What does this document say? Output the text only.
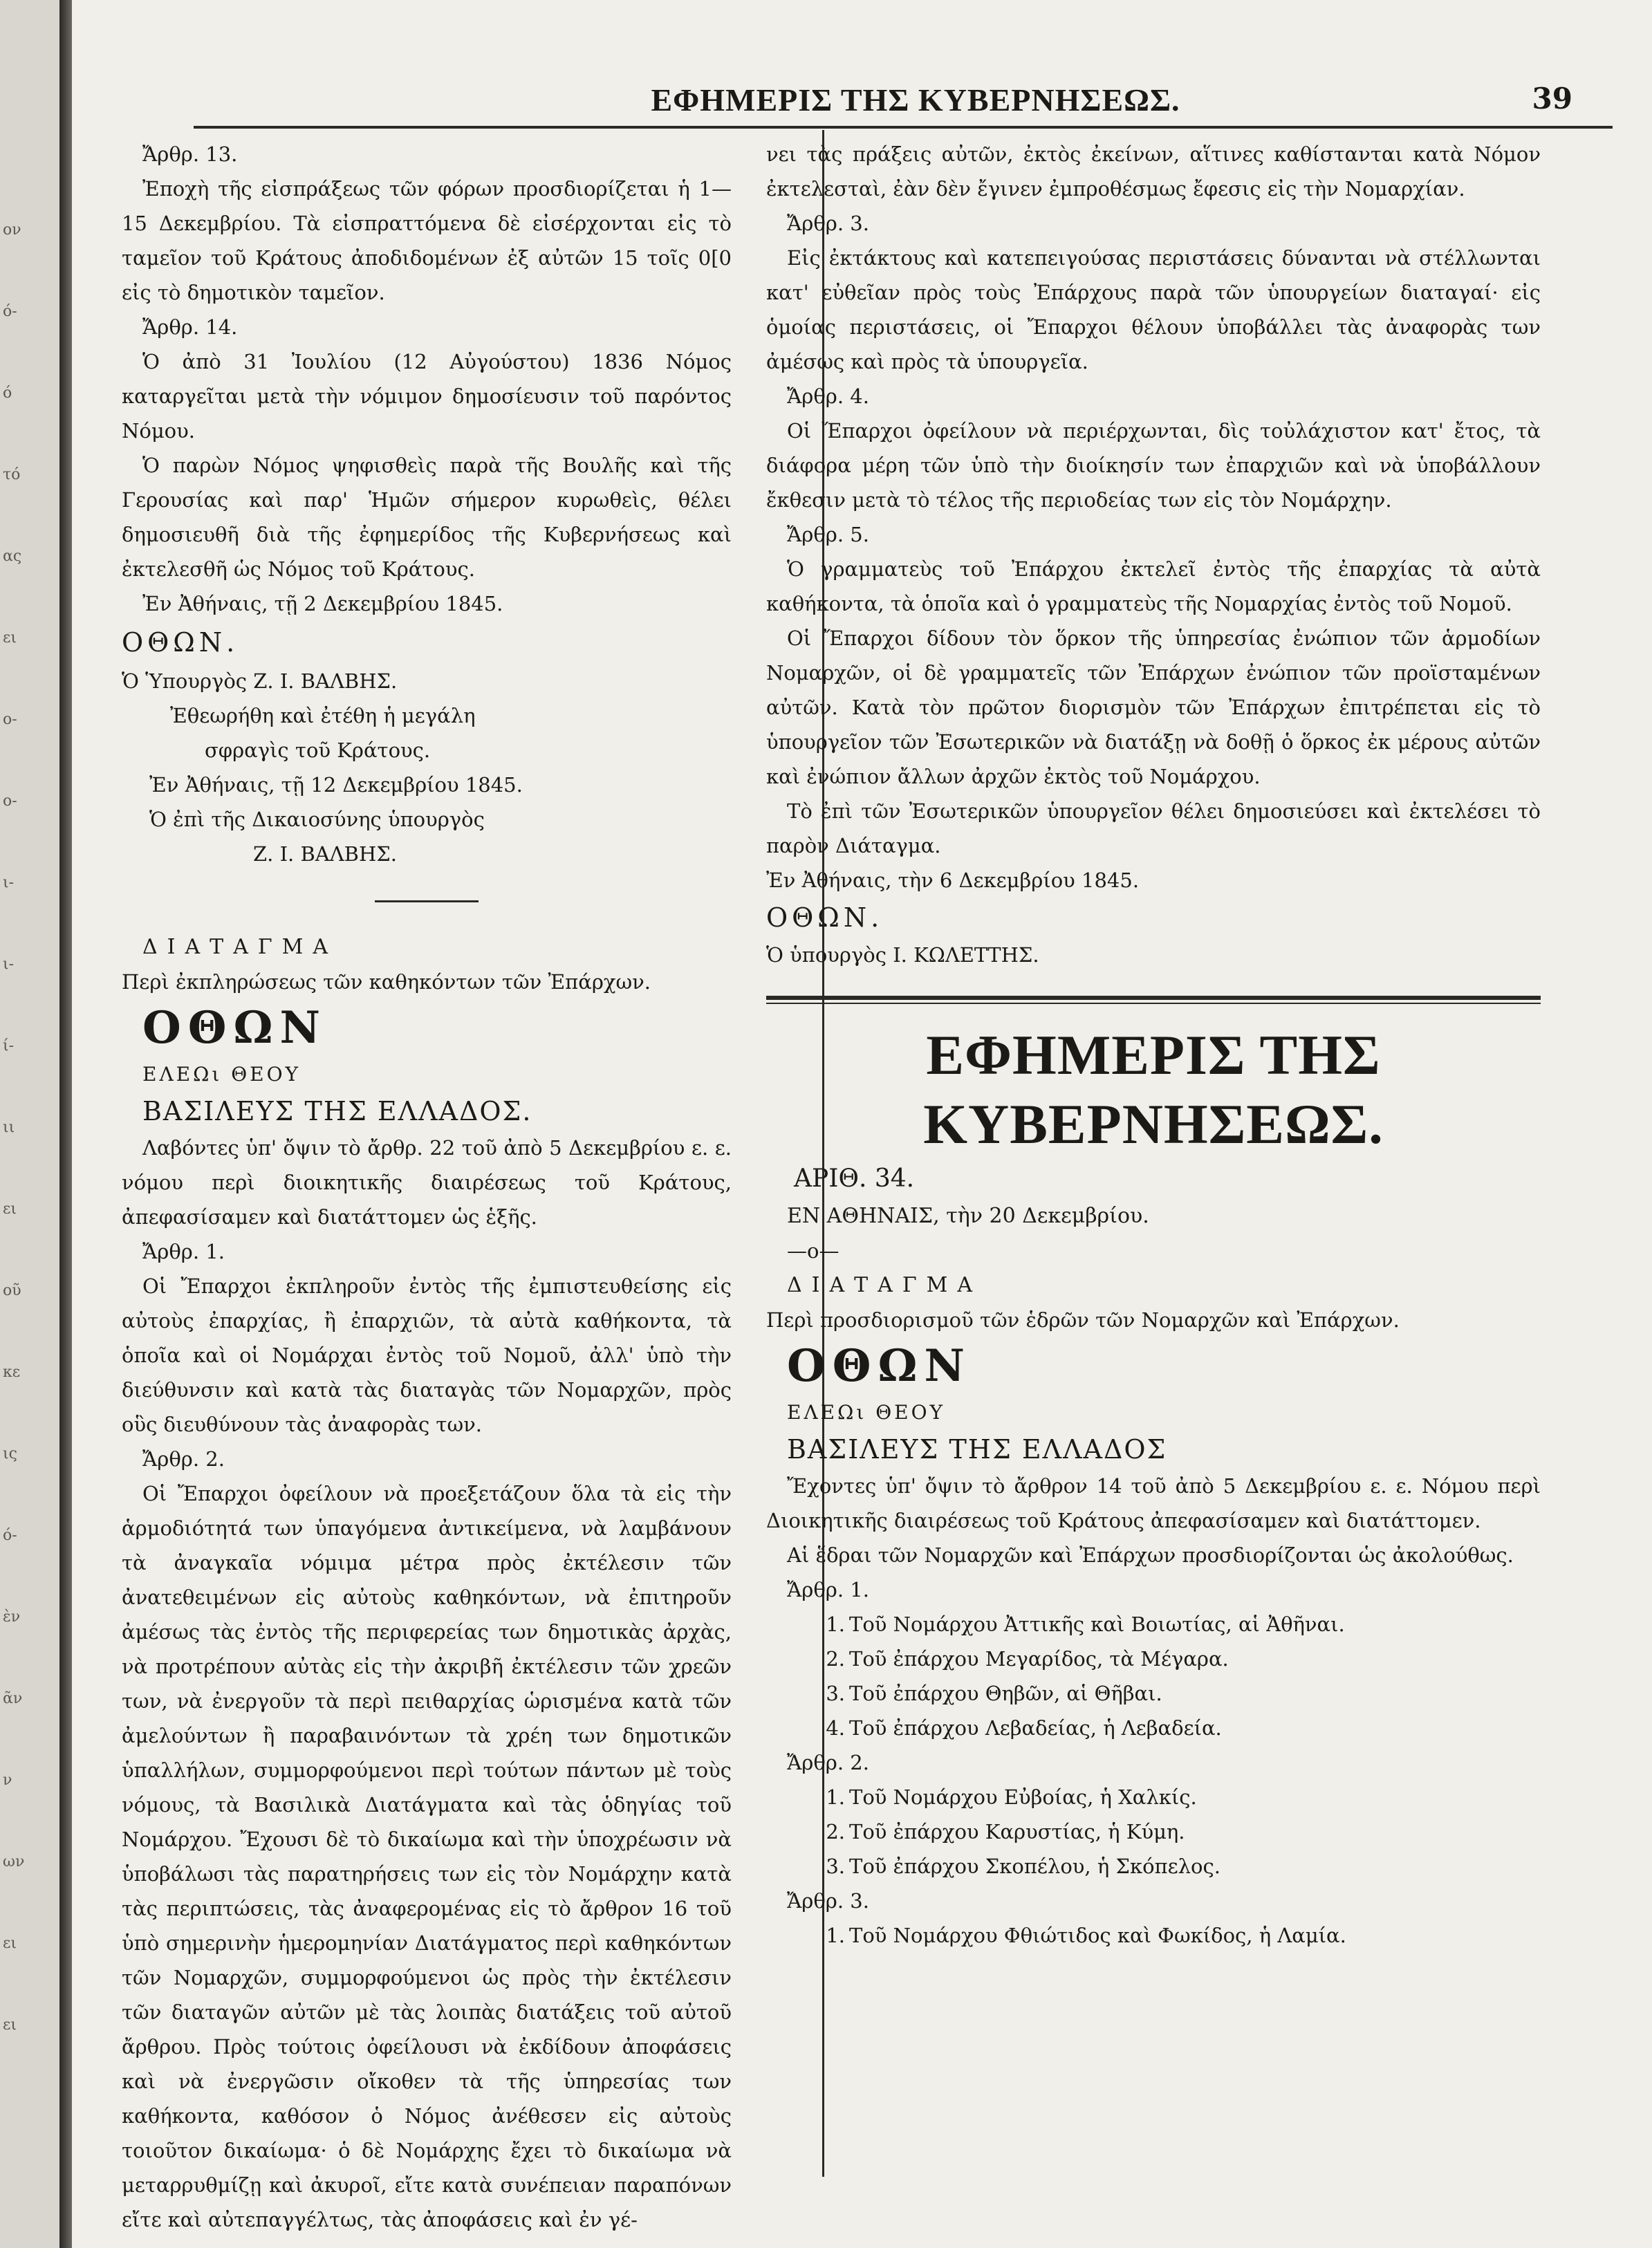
ον
ό-
ό
τό
ας
ει
ο-
ο-
ι-
ι-
ί-
ιι
ει
οῦ
κε
ις
ό-
ὲν
ᾶν
ν
ων
ει
ει
ΕΦΗΜΕΡΙΣ ΤΗΣ ΚΥΒΕΡΝΗΣΕΩΣ.	39

Ἄρθρ. 13.

Ἐποχὴ τῆς εἰσπράξεως τῶν φόρων προσδιορίζεται ἡ 1—15 Δεκεμβρίου. Τὰ εἰσπραττόμενα δὲ εἰσέρχονται εἰς τὸ ταμεῖον τοῦ Κράτους ἀποδιδομένων ἐξ αὐτῶν 15 τοῖς 0[0 εἰς τὸ δημοτικὸν ταμεῖον.

Ἄρθρ. 14.

Ὁ ἀπὸ 31 Ἰουλίου (12 Αὐγούστου) 1836 Νόμος καταργεῖται μετὰ τὴν νόμιμον δημοσίευσιν τοῦ παρόντος Νόμου.

Ὁ παρὼν Νόμος ψηφισθεὶς παρὰ τῆς Βουλῆς καὶ τῆς Γερουσίας καὶ παρ' Ἡμῶν σήμερον κυρωθεὶς, θέλει δημοσιευθῆ διὰ τῆς ἐφημερίδος τῆς Κυβερνήσεως καὶ ἐκτελεσθῆ ὡς Νόμος τοῦ Κράτους.

Ἐν Ἀθήναις, τῇ 2 Δεκεμβρίου 1845.

ΟΘΩΝ.

Ὁ Ὑπουργὸς Ζ. Ι. ΒΑΛΒΗΣ.

Ἐθεωρήθη καὶ ἐτέθη ἡ μεγάλη

σφραγὶς τοῦ Κράτους.

Ἐν Ἀθήναις, τῇ 12 Δεκεμβρίου 1845.

Ὁ ἐπὶ τῆς Δικαιοσύνης ὑπουργὸς

Ζ. Ι. ΒΑΛΒΗΣ.

ΔΙΑΤΑΓΜΑ

Περὶ ἐκπληρώσεως τῶν καθηκόντων τῶν Ἐπάρχων.

ΟΘΩΝ

ΕΛΕΩι ΘΕΟΥ

ΒΑΣΙΛΕΥΣ ΤΗΣ ΕΛΛΑΔΟΣ.

Λαβόντες ὑπ' ὄψιν τὸ ἄρθρ. 22 τοῦ ἀπὸ 5 Δεκεμβρίου ε. ε. νόμου περὶ διοικητικῆς διαιρέσεως τοῦ Κράτους, ἀπεφασίσαμεν καὶ διατάττομεν ὡς ἑξῆς.

Ἄρθρ. 1.

Οἱ Ἔπαρχοι ἐκπληροῦν ἐντὸς τῆς ἐμπιστευθείσης εἰς αὐτοὺς ἐπαρχίας, ἢ ἐπαρχιῶν, τὰ αὐτὰ καθήκοντα, τὰ ὁποῖα καὶ οἱ Νομάρχαι ἐντὸς τοῦ Νομοῦ, ἀλλ' ὑπὸ τὴν διεύθυνσιν καὶ κατὰ τὰς διαταγὰς τῶν Νομαρχῶν, πρὸς οὓς διευθύνουν τὰς ἀναφορὰς των.

Ἄρθρ. 2.

Οἱ Ἔπαρχοι ὀφείλουν νὰ προεξετάζουν ὅλα τὰ εἰς τὴν ἁρμοδιότητά των ὑπαγόμενα ἀντικείμενα, νὰ λαμβάνουν τὰ ἀναγκαῖα νόμιμα μέτρα πρὸς ἐκτέλεσιν τῶν ἀνατεθειμένων εἰς αὐτοὺς καθηκόντων, νὰ ἐπιτηροῦν ἀμέσως τὰς ἐντὸς τῆς περιφερείας των δημοτικὰς ἀρχὰς, νὰ προτρέπουν αὐτὰς εἰς τὴν ἀκριβῆ ἐκτέλεσιν τῶν χρεῶν των, νὰ ἐνεργοῦν τὰ περὶ πειθαρχίας ὡρισμένα κατὰ τῶν ἀμελούντων ἢ παραβαινόντων τὰ χρέη των δημοτικῶν ὑπαλλήλων, συμμορφούμενοι περὶ τούτων πάντων μὲ τοὺς νόμους, τὰ Βασιλικὰ Διατάγματα καὶ τὰς ὁδηγίας τοῦ Νομάρχου. Ἔχουσι δὲ τὸ δικαίωμα καὶ τὴν ὑποχρέωσιν νὰ ὑποβάλωσι τὰς παρατηρήσεις των εἰς τὸν Νομάρχην κατὰ τὰς περιπτώσεις, τὰς ἀναφερομένας εἰς τὸ ἄρθρον 16 τοῦ ὑπὸ σημερινὴν ἡμερομηνίαν Διατάγματος περὶ καθηκόντων τῶν Νομαρχῶν, συμμορφούμενοι ὡς πρὸς τὴν ἐκτέλεσιν τῶν διαταγῶν αὐτῶν μὲ τὰς λοιπὰς διατάξεις τοῦ αὐτοῦ ἄρθρου. Πρὸς τούτοις ὀφείλουσι νὰ ἐκδίδουν ἀποφάσεις καὶ νὰ ἐνεργῶσιν οἴκοθεν τὰ τῆς ὑπηρεσίας των καθήκοντα, καθόσον ὁ Νόμος ἀνέθεσεν εἰς αὐτοὺς τοιοῦτον δικαίωμα· ὁ δὲ Νομάρχης ἔχει τὸ δικαίωμα νὰ μεταρρυθμίζῃ καὶ ἀκυροῖ, εἴτε κατὰ συνέπειαν παραπόνων εἴτε καὶ αὐτεπαγγέλτως, τὰς ἀποφάσεις καὶ ἐν γέ-

νει τὰς πράξεις αὐτῶν, ἐκτὸς ἐκείνων, αἵτινες καθίστανται κατὰ Νόμον ἐκτελεσταὶ, ἐὰν δὲν ἔγινεν ἐμπροθέσμως ἔφεσις εἰς τὴν Νομαρχίαν.

Ἄρθρ. 3.

Εἰς ἐκτάκτους καὶ κατεπειγούσας περιστάσεις δύνανται νὰ στέλλωνται κατ' εὐθεῖαν πρὸς τοὺς Ἐπάρχους παρὰ τῶν ὑπουργείων διαταγαί· εἰς ὁμοίας περιστάσεις, οἱ Ἔπαρχοι θέλουν ὑποβάλλει τὰς ἀναφορὰς των ἀμέσως καὶ πρὸς τὰ ὑπουργεῖα.

Ἄρθρ. 4.

Οἱ Ἔπαρχοι ὀφείλουν νὰ περιέρχωνται, δὶς τοὐλάχιστον κατ' ἔτος, τὰ διάφορα μέρη τῶν ὑπὸ τὴν διοίκησίν των ἐπαρχιῶν καὶ νὰ ὑποβάλλουν ἔκθεσιν μετὰ τὸ τέλος τῆς περιοδείας των εἰς τὸν Νομάρχην.

Ἄρθρ. 5.

Ὁ γραμματεὺς τοῦ Ἐπάρχου ἐκτελεῖ ἐντὸς τῆς ἐπαρχίας τὰ αὐτὰ καθήκοντα, τὰ ὁποῖα καὶ ὁ γραμματεὺς τῆς Νομαρχίας ἐντὸς τοῦ Νομοῦ.

Οἱ Ἔπαρχοι δίδουν τὸν ὅρκον τῆς ὑπηρεσίας ἐνώπιον τῶν ἁρμοδίων Νομαρχῶν, οἱ δὲ γραμματεῖς τῶν Ἐπάρχων ἐνώπιον τῶν προϊσταμένων αὐτῶν. Κατὰ τὸν πρῶτον διορισμὸν τῶν Ἐπάρχων ἐπιτρέπεται εἰς τὸ ὑπουργεῖον τῶν Ἐσωτερικῶν νὰ διατάξῃ νὰ δοθῇ ὁ ὅρκος ἐκ μέρους αὐτῶν καὶ ἐνώπιον ἄλλων ἀρχῶν ἐκτὸς τοῦ Νομάρχου.

Τὸ ἐπὶ τῶν Ἐσωτερικῶν ὑπουργεῖον θέλει δημοσιεύσει καὶ ἐκτελέσει τὸ παρὸν Διάταγμα.

Ἐν Ἀθήναις, τὴν 6 Δεκεμβρίου 1845.

ΟΘΩΝ.

Ὁ ὑπουργὸς Ι. ΚΩΛΕΤΤΗΣ.

ΕΦΗΜΕΡΙΣ ΤΗΣ ΚΥΒΕΡΝΗΣΕΩΣ.
ΑΡΙΘ. 34.

ΕΝ ΑΘΗΝΑΙΣ, τὴν 20 Δεκεμβρίου.

—ο—

ΔΙΑΤΑΓΜΑ

Περὶ προσδιορισμοῦ τῶν ἑδρῶν τῶν Νομαρχῶν καὶ Ἐπάρχων.

ΟΘΩΝ

ΕΛΕΩι ΘΕΟΥ

ΒΑΣΙΛΕΥΣ ΤΗΣ ΕΛΛΑΔΟΣ

Ἔχοντες ὑπ' ὄψιν τὸ ἄρθρον 14 τοῦ ἀπὸ 5 Δεκεμβρίου ε. ε. Νόμου περὶ Διοικητικῆς διαιρέσεως τοῦ Κράτους ἀπεφασίσαμεν καὶ διατάττομεν.

Αἱ ἕδραι τῶν Νομαρχῶν καὶ Ἐπάρχων προσδιορίζονται ὡς ἀκολούθως.

Ἄρθρ. 1.

1. Τοῦ Νομάρχου Ἀττικῆς καὶ Βοιωτίας, αἱ Ἀθῆναι.

2. Τοῦ ἐπάρχου Μεγαρίδος, τὰ Μέγαρα.

3. Τοῦ ἐπάρχου Θηβῶν, αἱ Θῆβαι.

4. Τοῦ ἐπάρχου Λεβαδείας, ἡ Λεβαδεία.

Ἄρθρ. 2.

1. Τοῦ Νομάρχου Εὐβοίας, ἡ Χαλκίς.

2. Τοῦ ἐπάρχου Καρυστίας, ἡ Κύμη.

3. Τοῦ ἐπάρχου Σκοπέλου, ἡ Σκόπελος.

Ἄρθρ. 3.

1. Τοῦ Νομάρχου Φθιώτιδος καὶ Φωκίδος, ἡ Λαμία.
